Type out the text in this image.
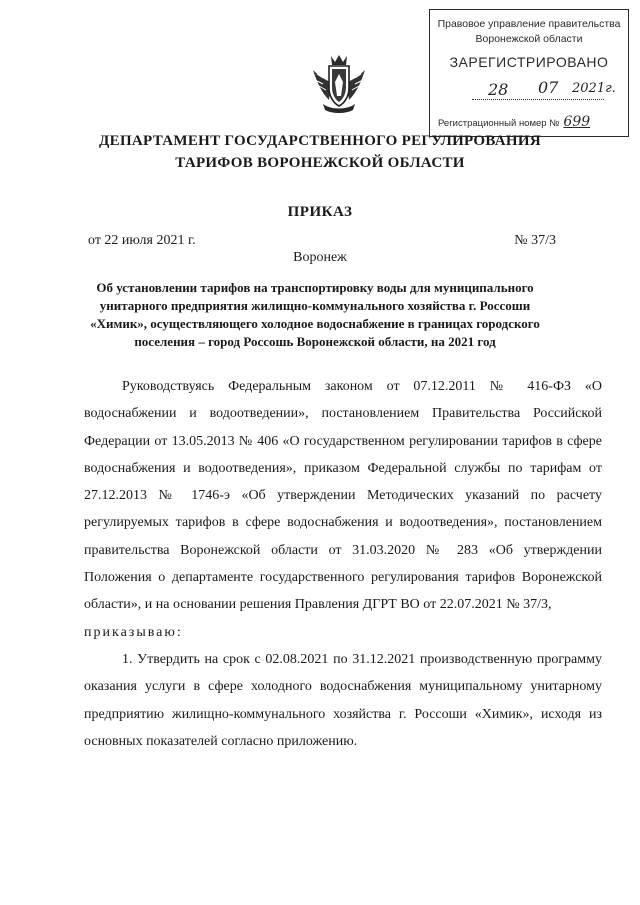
Правовое управление правительства
Воронежской области
ЗАРЕГИСТРИРОВАНО
28 07 2021г.
Регистрационный номер № 699
ДЕПАРТАМЕНТ ГОСУДАРСТВЕННОГО РЕГУЛИРОВАНИЯ
ТАРИФОВ ВОРОНЕЖСКОЙ ОБЛАСТИ
ПРИКАЗ
от 22 июля 2021 г.	№ 37/3
Воронеж
Об установлении тарифов на транспортировку воды для муниципального унитарного предприятия жилищно-коммунального хозяйства г. Россоши «Химик», осуществляющего холодное водоснабжение в границах городского поселения – город Россошь Воронежской области, на 2021 год

Руководствуясь Федеральным законом от 07.12.2011 № 416-ФЗ «О водоснабжении и водоотведении», постановлением Правительства Российской Федерации от 13.05.2013 № 406 «О государственном регулировании тарифов в сфере водоснабжения и водоотведения», приказом Федеральной службы по тарифам от 27.12.2013 № 1746-э «Об утверждении Методических указаний по расчету регулируемых тарифов в сфере водоснабжения и водоотведения», постановлением правительства Воронежской области от 31.03.2020 № 283 «Об утверждении Положения о департаменте государственного регулирования тарифов Воронежской области», и на основании решения Правления ДГРТ ВО от 22.07.2021 № 37/3,

приказываю:

1. Утвердить на срок с 02.08.2021 по 31.12.2021 производственную программу оказания услуги в сфере холодного водоснабжения муниципальному унитарному предприятию жилищно-коммунального хозяйства г. Россоши «Химик», исходя из основных показателей согласно приложению.
